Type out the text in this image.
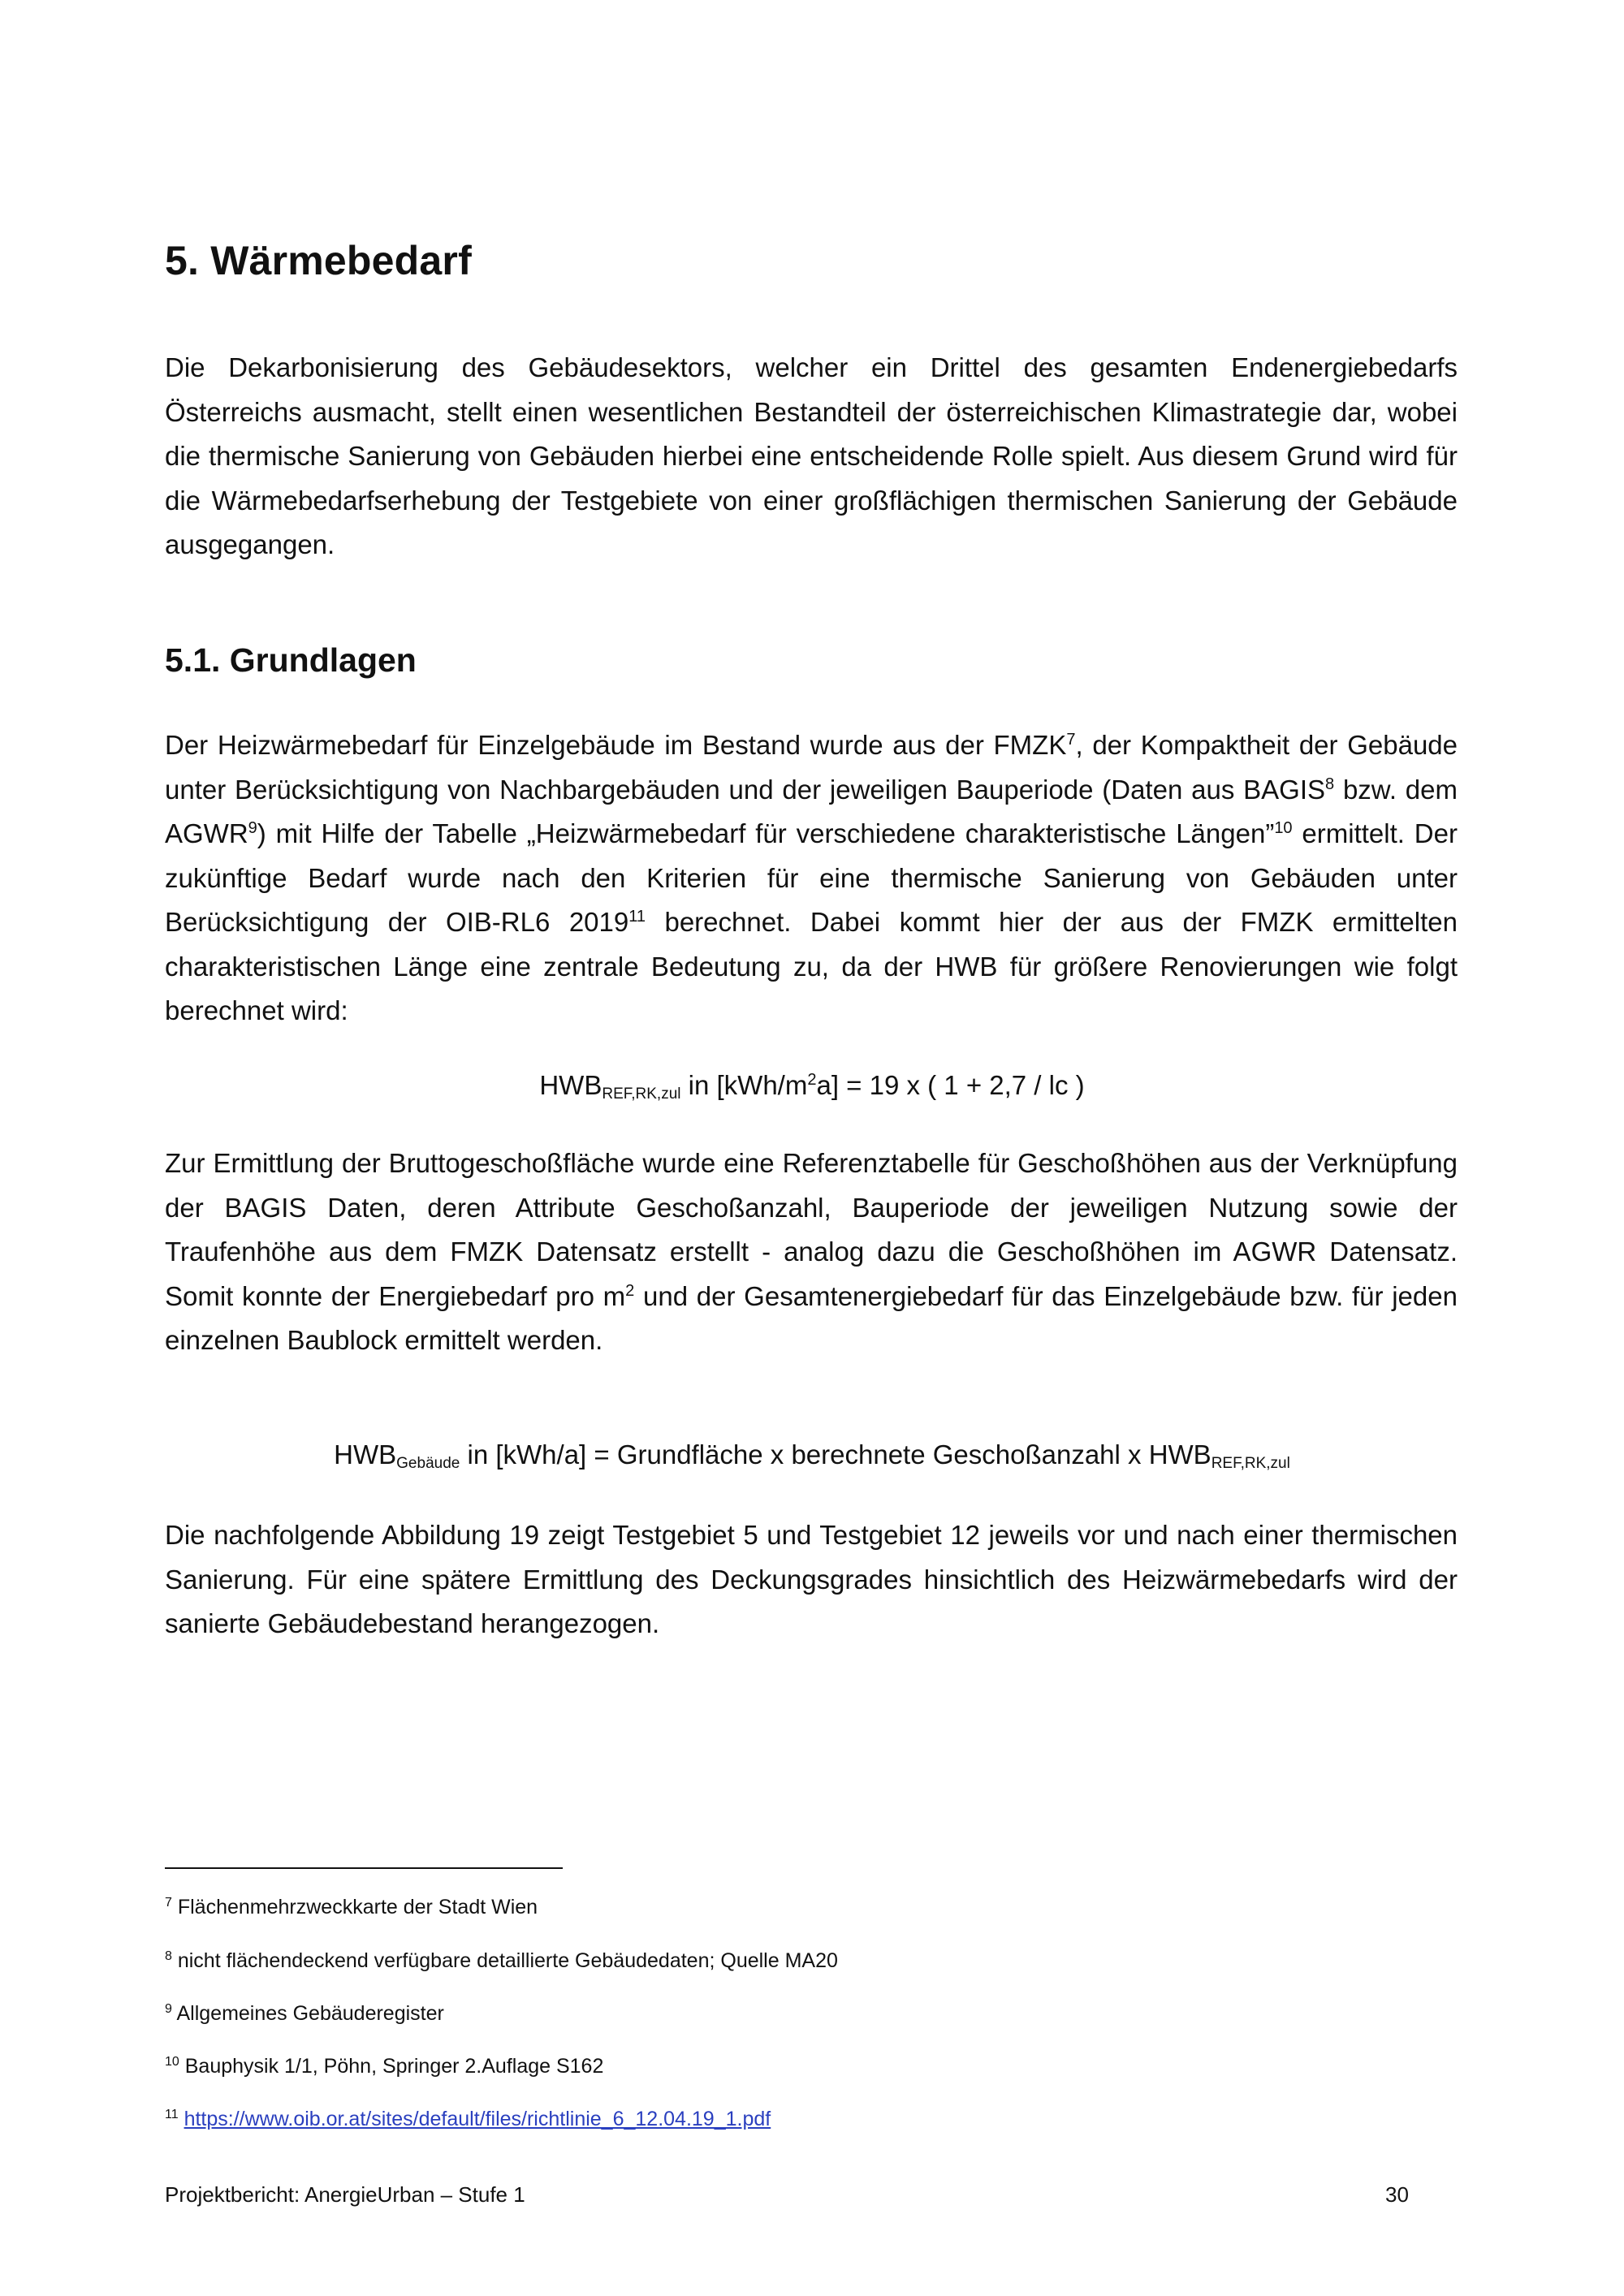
5. Wärmebedarf

Die Dekarbonisierung des Gebäudesektors, welcher ein Drittel des gesamten Endenergiebedarfs Österreichs ausmacht, stellt einen wesentlichen Bestandteil der österreichischen Klimastrategie dar, wobei die thermische Sanierung von Gebäuden hierbei eine entscheidende Rolle spielt. Aus diesem Grund wird für die Wärmebedarfserhebung der Testgebiete von einer großflächigen thermischen Sanierung der Gebäude ausgegangen.

5.1. Grundlagen

Der Heizwärmebedarf für Einzelgebäude im Bestand wurde aus der FMZK$^7$, der Kompaktheit der Gebäude unter Berücksichtigung von Nachbargebäuden und der jeweiligen Bauperiode (Daten aus BAGIS$^8$ bzw. dem AGWR$^9$) mit Hilfe der Tabelle „Heizwärmebedarf für verschiedene charakteristische Längen”$^{10}$ ermittelt. Der zukünftige Bedarf wurde nach den Kriterien für eine thermische Sanierung von Gebäuden unter Berücksichtigung der OIB-RL6 2019$^{11}$ berechnet. Dabei kommt hier der aus der FMZK ermittelten charakteristischen Länge eine zentrale Bedeutung zu, da der HWB für größere Renovierungen wie folgt berechnet wird:

$HWB_{REF,RK,zul}$ in $[kWh/m^2a] = 19$ x ( 1 + 2,7 / lc )

Zur Ermittlung der Bruttogeschoßfläche wurde eine Referenztabelle für Geschoßhöhen aus der Verknüpfung der BAGIS Daten, deren Attribute Geschoßanzahl, Bauperiode der jeweiligen Nutzung sowie der Traufenhöhe aus dem FMZK Datensatz erstellt - analog dazu die Geschoßhöhen im AGWR Datensatz. Somit konnte der Energiebedarf pro $m^2$ und der Gesamtenergiebedarf für das Einzelgebäude bzw. für jeden einzelnen Baublock ermittelt werden.

$HWB_{Gebäude}$ in [kWh/a] = Grundfläche x berechnete Geschoßanzahl x $HWB_{REF,RK,zul}$

Die nachfolgende Abbildung 19 zeigt Testgebiet 5 und Testgebiet 12 jeweils vor und nach einer thermischen Sanierung. Für eine spätere Ermittlung des Deckungsgrades hinsichtlich des Heizwärmebedarfs wird der sanierte Gebäudebestand herangezogen.

$^7$ Flächenmehrzweckkarte der Stadt Wien

$^8$ nicht flächendeckend verfügbare detaillierte Gebäudedaten; Quelle MA20

$^9$ Allgemeines Gebäuderegister

$^{10}$ Bauphysik 1/1, Pöhn, Springer 2.Auflage S162

$^{11}$ https://www.oib.or.at/sites/default/files/richtlinie_6_12.04.19_1.pdf

Projektbericht: AnergieUrban – Stufe 1	30
